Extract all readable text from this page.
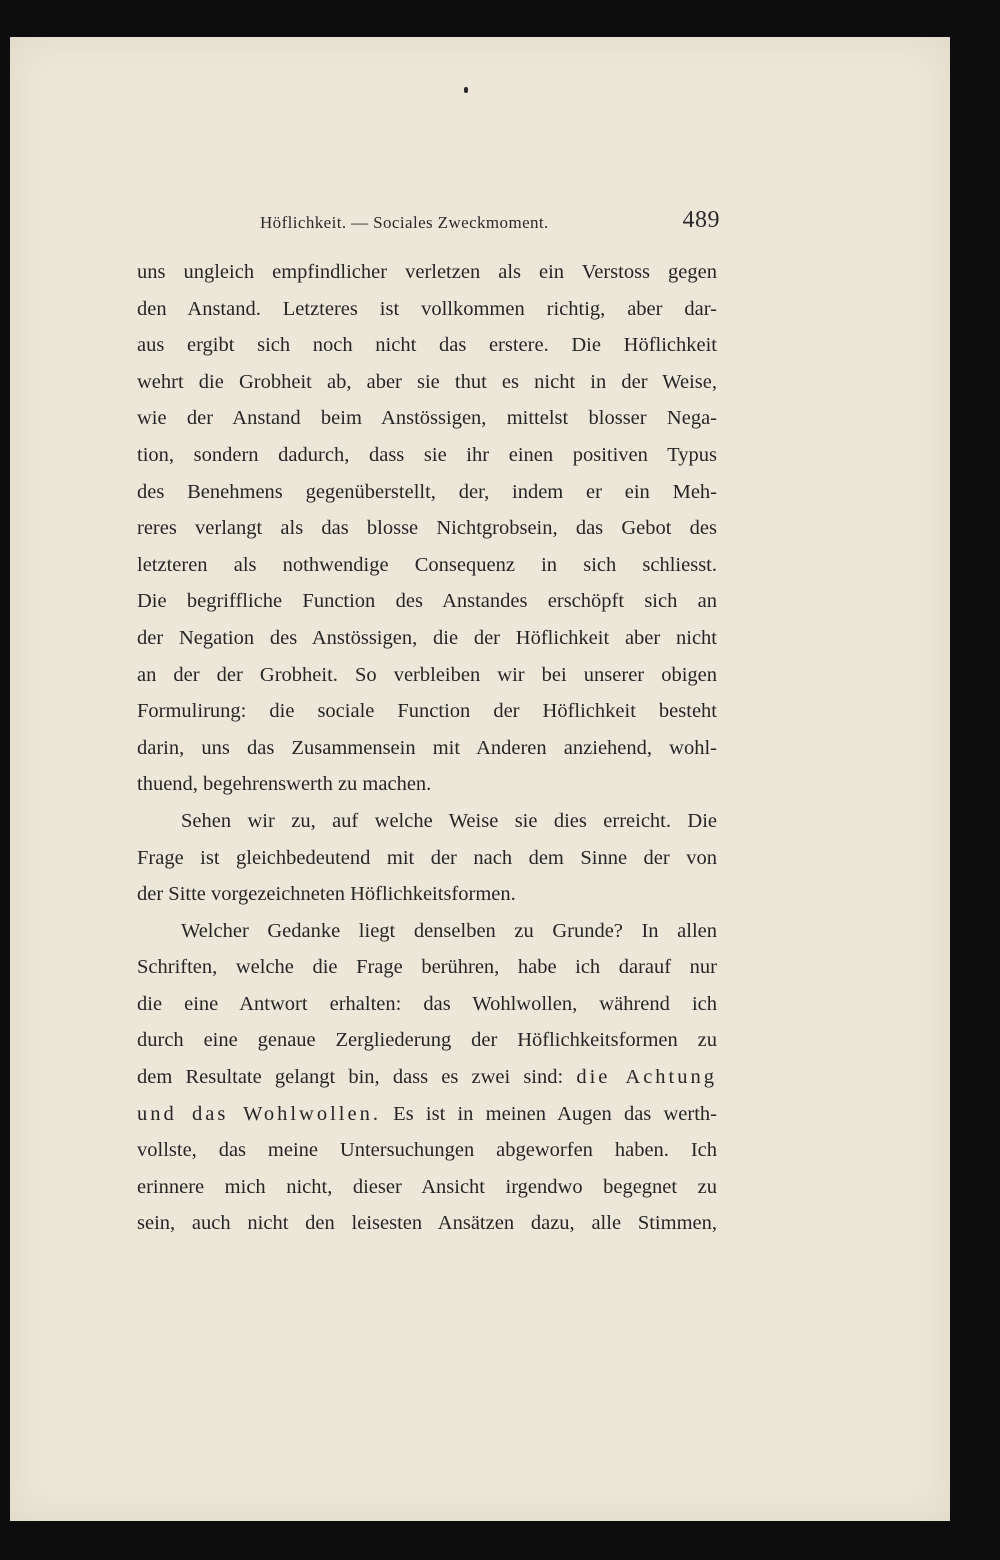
Höflichkeit. — Sociales Zweckmoment.	489
uns ungleich empfindlicher verletzen als ein Verstoss gegen
den Anstand. Letzteres ist vollkommen richtig, aber dar-
aus ergibt sich noch nicht das erstere. Die Höflichkeit
wehrt die Grobheit ab, aber sie thut es nicht in der Weise,
wie der Anstand beim Anstössigen, mittelst blosser Nega-
tion, sondern dadurch, dass sie ihr einen positiven Typus
des Benehmens gegenüberstellt, der, indem er ein Meh-
reres verlangt als das blosse Nichtgrobsein, das Gebot des
letzteren als nothwendige Consequenz in sich schliesst.
Die begriffliche Function des Anstandes erschöpft sich an
der Negation des Anstössigen, die der Höflichkeit aber nicht
an der der Grobheit. So verbleiben wir bei unserer obigen
Formulirung: die sociale Function der Höflichkeit besteht
darin, uns das Zusammensein mit Anderen anziehend, wohl-
thuend, begehrenswerth zu machen.
Sehen wir zu, auf welche Weise sie dies erreicht. Die
Frage ist gleichbedeutend mit der nach dem Sinne der von
der Sitte vorgezeichneten Höflichkeitsformen.
Welcher Gedanke liegt denselben zu Grunde? In allen
Schriften, welche die Frage berühren, habe ich darauf nur
die eine Antwort erhalten: das Wohlwollen, während ich
durch eine genaue Zergliederung der Höflichkeitsformen zu
dem Resultate gelangt bin, dass es zwei sind: die Achtung
und das Wohlwollen. Es ist in meinen Augen das werth-
vollste, das meine Untersuchungen abgeworfen haben. Ich
erinnere mich nicht, dieser Ansicht irgendwo begegnet zu
sein, auch nicht den leisesten Ansätzen dazu, alle Stimmen,
